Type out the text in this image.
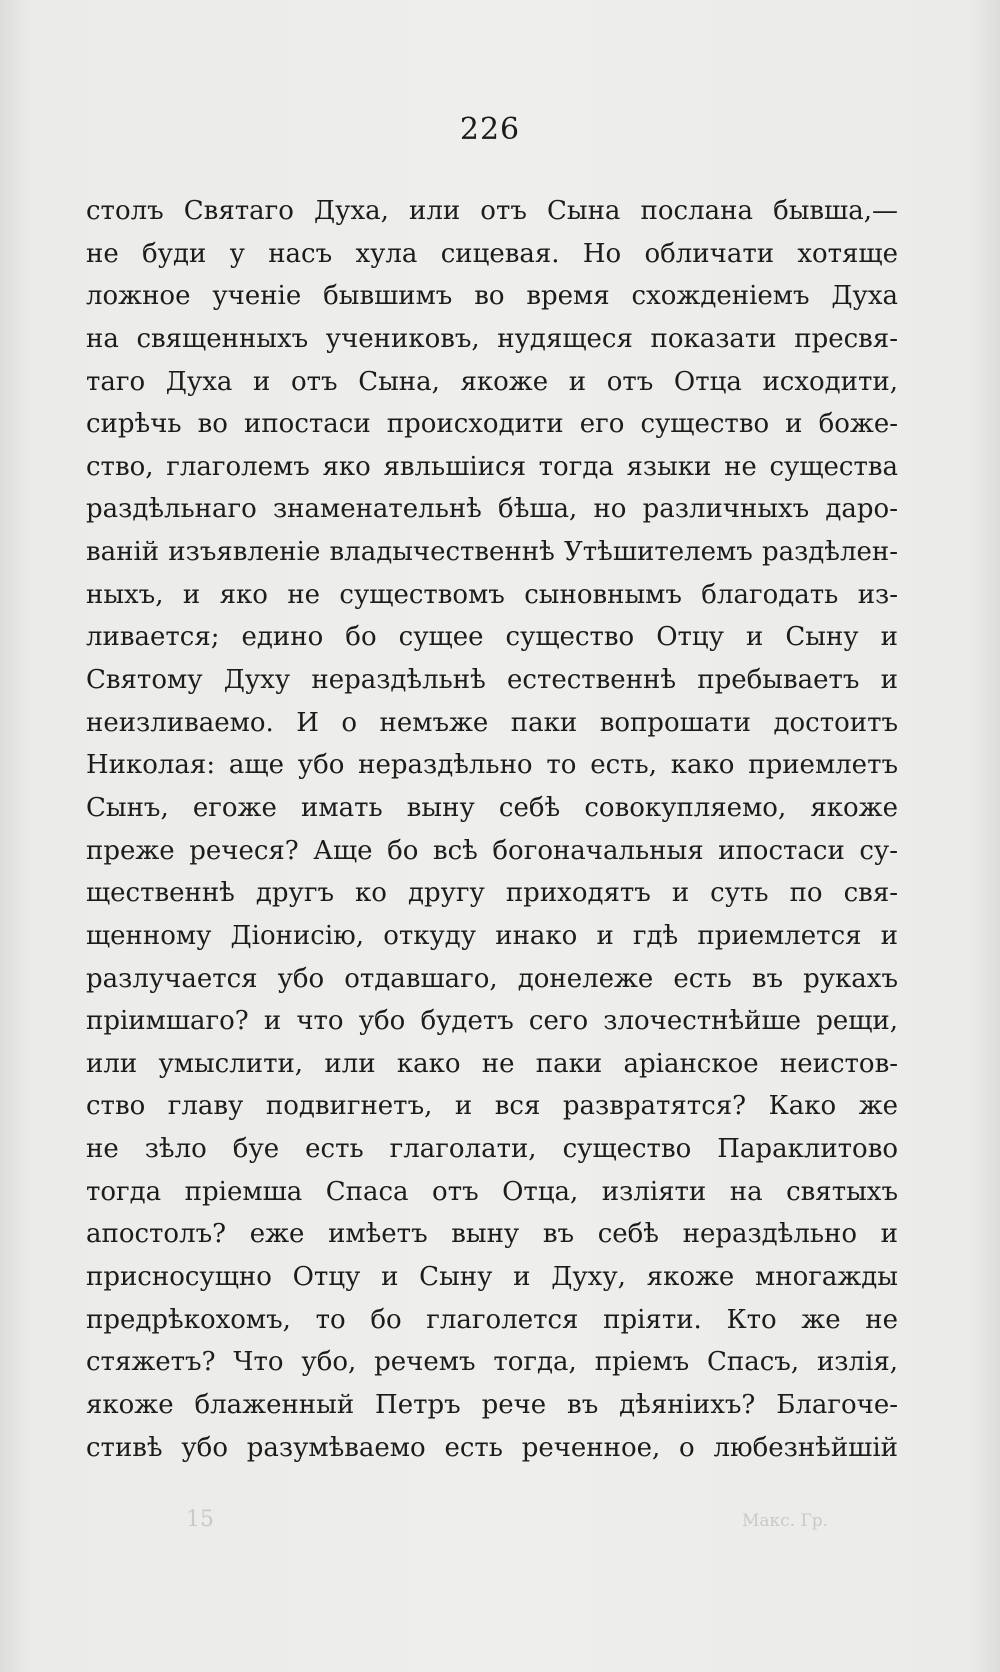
226
столъ Святаго Духа, или отъ Сына послана бывша,—
не буди у насъ хула сицевая. Но обличати хотяще
ложное ученіе бывшимъ во время схожденіемъ Духа
на священныхъ учениковъ, нудящеся показати пресвя-
таго Духа и отъ Сына, якоже и отъ Отца исходити,
сирѣчь во ипостаси происходити его существо и боже-
ство, глаголемъ яко явльшіися тогда языки не существа
раздѣльнаго знаменательнѣ бѣша, но различныхъ даро-
ваній изъявленіе владычественнѣ Утѣшителемъ раздѣлен-
ныхъ, и яко не существомъ сыновнымъ благодать из-
ливается; едино бо сущее существо Отцу и Сыну и
Святому Духу нераздѣльнѣ естественнѣ пребываетъ и
неизливаемо. И о немъже паки вопрошати достоитъ
Николая: аще убо нераздѣльно то есть, како приемлетъ
Сынъ, егоже имать выну себѣ совокупляемо, якоже
преже речеся? Аще бо всѣ богоначальныя ипостаси су-
щественнѣ другъ ко другу приходятъ и суть по свя-
щенному Діонисію, откуду инако и гдѣ приемлется и
разлучается убо отдавшаго, донележе есть въ рукахъ
пріимшаго? и что убо будетъ сего злочестнѣйше рещи,
или умыслити, или како не паки аріанское неистов-
ство главу подвигнетъ, и вся развратятся? Како же
не зѣло буе есть глаголати, существо Параклитово
тогда пріемша Спаса отъ Отца, изліяти на святыхъ
апостолъ? еже имѣетъ выну въ себѣ нераздѣльно и
присносущно Отцу и Сыну и Духу, якоже многажды
предрѣкохомъ, то бо глаголется пріяти. Кто же не
стяжетъ? Что убо, речемъ тогда, пріемъ Спасъ, излія,
якоже блаженный Петръ рече въ дѣяніихъ? Благоче-
стивѣ убо разумѣваемо есть реченное, о любезнѣйшій
15	Макс. Гр.
